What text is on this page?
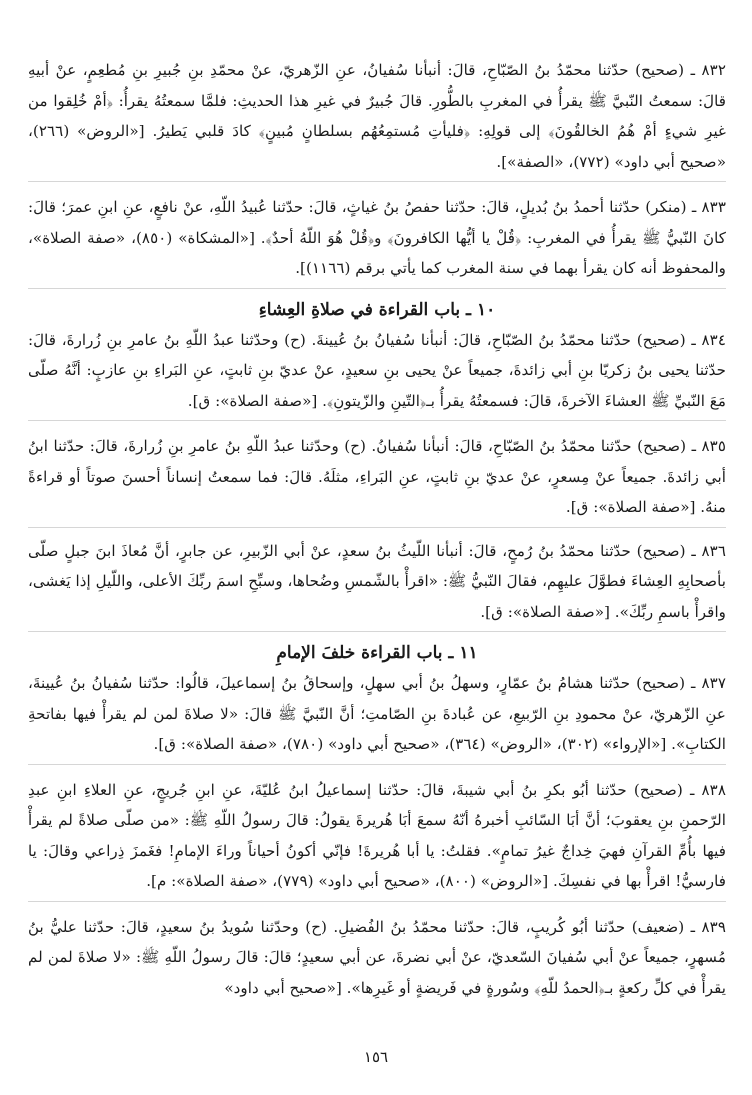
٨٣٢ ـ (صحيح) حدّثنا محمّدُ بنُ الصّبّاحِ، قالَ: أنبأنا سُفيانُ، عنِ الزّهريّ، عنْ محمّدِ بنِ جُبيرِ بنِ مُطعِمٍ، عنْ أبيهِ قالَ: سمعتُ النّبيَّ ﷺ يقرأُ في المغربِ بالطُّورِ. قالَ جُبيرٌ في غيرِ هذا الحديثِ: فلمَّا سمعتُهُ يقرأُ: ﴿أمْ خُلِقوا من غيرِ شيءٍ أمْ هُمُ الخالقُونَ﴾ إلى قولِهِ: ﴿فليأتِ مُستمِعُهُم بسلطانٍ مُبينٍ﴾ كادَ قلبي يَطيرُ. [«الروض» (٢٦٦)، «صحيح أبي داود» (٧٧٢)، «الصفة»].
٨٣٣ ـ (منكر) حدّثنا أحمدُ بنُ بُديلٍ، قالَ: حدّثنا حفصُ بنُ غياثٍ، قالَ: حدّثنا عُبيدُ اللّهِ، عنْ نافعٍ، عنِ ابنِ عمرَ؛ قالَ: كانَ النّبيُّ ﷺ يقرأُ في المغربِ: ﴿قُلْ يا أيُّها الكافرونَ﴾ و﴿قُلْ هُوَ اللّهُ أحدٌ﴾. [«المشكاة» (٨٥٠)، «صفة الصلاة»، والمحفوظ أنه كان يقرأ بهما في سنة المغرب كما يأتي برقم (١١٦٦)].
١٠ ـ باب القراءة في صلاةِ العِشاءِ
٨٣٤ ـ (صحيح) حدّثنا محمّدُ بنُ الصّبّاحِ، قالَ: أنبأنا سُفيانُ بنُ عُيينةَ. (ح) وحدّثنا عبدُ اللّهِ بنُ عامرِ بنِ زُرارةَ، قالَ: حدّثنا يحيى بنُ زكريّا بنِ أبي زائدةَ، جميعاً عنْ يحيى بنِ سعيدٍ، عنْ عديّ بنِ ثابتٍ، عنِ البَراءِ بنِ عازبٍ: أنَّهُ صلّى مَعَ النّبيِّ ﷺ العشاءَ الآخرةَ، قالَ: فسمعتُهُ يقرأُ بـ﴿التّينِ والزّيتونِ﴾. [«صفة الصلاة»: ق].
٨٣٥ ـ (صحيح) حدّثنا محمّدُ بنُ الصّبّاحِ، قالَ: أنبأنا سُفيانُ. (ح) وحدّثنا عبدُ اللّهِ بنُ عامرِ بنِ زُرارةَ، قالَ: حدّثنا ابنُ أبي زائدةَ. جميعاً عنْ مِسعرٍ، عنْ عديّ بنِ ثابتٍ، عنِ البَراءِ، مثلَهُ. قالَ: فما سمعتُ إنساناً أحسنَ صوتاً أو قراءةً منهُ. [«صفة الصلاة»: ق].
٨٣٦ ـ (صحيح) حدّثنا محمّدُ بنُ رُمحٍ، قالَ: أنبأنا اللّيثُ بنُ سعدٍ، عنْ أبي الزّبيرِ، عن جابرٍ، أنَّ مُعاذَ ابنَ جبلٍ صلّى بأصحابِهِ العِشاءَ فطوَّلَ عليهِم، فقالَ النّبيُّ ﷺ: «اقرأْ بالشّمسِ وضُحاها، وسبِّحِ اسمَ ربِّكَ الأعلى، واللّيلِ إذا يَغشى، واقرأْ باسمِ ربِّكَ». [«صفة الصلاة»: ق].
١١ ـ باب القراءة خلفَ الإمامِ
٨٣٧ ـ (صحيح) حدّثنا هشامُ بنُ عمّارٍ، وسهلُ بنُ أبي سهلٍ، وإسحاقُ بنُ إسماعيلَ، قالُوا: حدّثنا سُفيانُ بنُ عُيينةَ، عنِ الزّهريّ، عنْ محمودِ بنِ الرّبيعِ، عن عُبادةَ بنِ الصّامتِ؛ أنَّ النّبيَّ ﷺ قالَ: «لا صلاةَ لمن لم يقرأْ فيها بفاتحةِ الكتابِ». [«الإرواء» (٣٠٢)، «الروض» (٣٦٤)، «صحيح أبي داود» (٧٨٠)، «صفة الصلاة»: ق].
٨٣٨ ـ (صحيح) حدّثنا أبُو بكرِ بنُ أبي شيبةَ، قالَ: حدّثنا إسماعيلُ ابنُ عُليّةَ، عنِ ابنِ جُريجٍ، عنِ العلاءِ ابنِ عبدِ الرّحمنِ بنِ يعقوبَ؛ أنَّ أبَا السّائبِ أخبرهُ أنّهُ سمعَ أبَا هُريرةَ يقولُ: قالَ رسولُ اللّهِ ﷺ: «من صلّى صلاةً لم يقرأْ فيها بأُمِّ القرآنِ فهيَ خِداجٌ غيرُ تمامٍ». فقلتُ: يا أبا هُريرةَ! فإنّي أكونُ أحياناً وراءَ الإمامِ! فغَمزَ ذِراعي وقالَ: يا فارسيُّ! اقرأْ بها في نفسِكَ. [«الروض» (٨٠٠)، «صحيح أبي داود» (٧٧٩)، «صفة الصلاة»: م].
٨٣٩ ـ (ضعيف) حدّثنا أبُو كُريبٍ، قالَ: حدّثنا محمّدُ بنُ الفُضيلِ. (ح) وحدّثنا سُويدُ بنُ سعيدٍ، قالَ: حدّثنا عليُّ بنُ مُسهرٍ، جميعاً عنْ أبي سُفيانَ السّعديّ، عنْ أبي نضرةَ، عن أبي سعيدٍ؛ قالَ: قالَ رسولُ اللّهِ ﷺ: «لا صلاةَ لمن لم يقرأْ في كلِّ ركعةٍ بـ﴿الحمدُ للّهِ﴾ وسُورةٍ في فَريضةٍ أو غَيرِها». [«صحيح أبي داود»
١٥٦
